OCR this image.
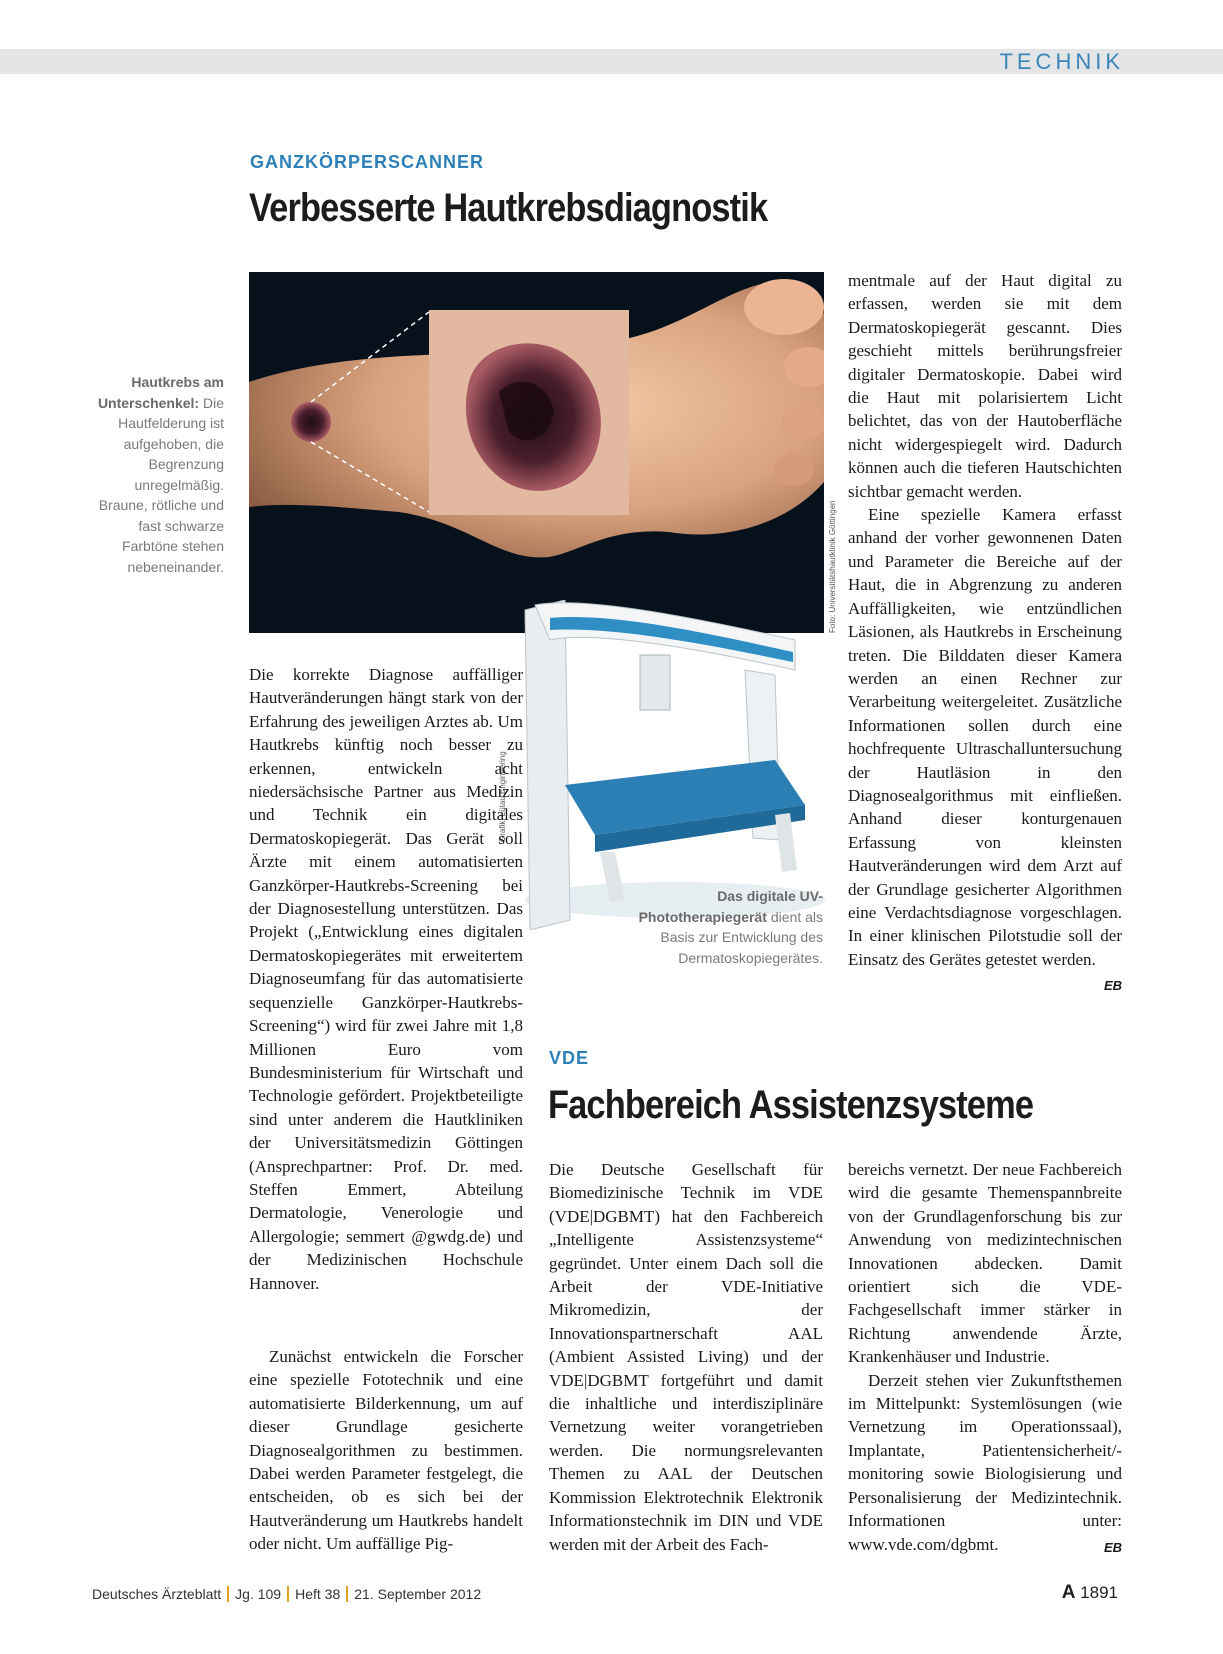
TECHNIK
GANZKÖRPERSCANNER
Verbesserte Hautkrebsdiagnostik
Hautkrebs am Unterschenkel: Die Hautfelderung ist aufgehoben, die Begrenzung unregelmäßig. Braune, rötliche und fast schwarze Farbtöne stehen nebeneinander.	Foto: Universitätshautklinik Göttingen
Grafik: Lütau Engineering
Das digitale UV-Phototherapiegerät dient als Basis zur Entwicklung des Dermatoskopiegerätes.

Die korrekte Diagnose auffälliger Hautveränderungen hängt stark von der Erfahrung des jeweiligen Arztes ab. Um Hautkrebs künftig noch besser zu erkennen, entwickeln acht niedersächsische Partner aus Medizin und Technik ein digitales Dermatoskopiegerät. Das Gerät soll Ärzte mit einem automatisierten Ganzkörper-Hautkrebs-Screening bei der Diagnosestellung unterstützen. Das Projekt („Entwicklung eines digitalen Dermatoskopiegerätes mit erweitertem Diagnoseumfang für das automatisierte sequenzielle Ganzkörper-Hautkrebs-Screening“) wird für zwei Jahre mit 1,8 Millionen Euro vom Bundesministerium für Wirtschaft und Technologie gefördert. Projektbeteiligte sind unter anderem die Hautkliniken der Universitätsmedizin Göttingen (Ansprechpartner: Prof. Dr. med. Steffen Emmert, Abteilung Dermatologie, Venerologie und Allergologie; semmert @gwdg.de) und der Medizinischen Hochschule Hannover.

Zunächst entwickeln die Forscher eine spezielle Fototechnik und eine automatisierte Bilderkennung, um auf dieser Grundlage gesicherte Diagnosealgorithmen zu bestimmen. Dabei werden Parameter festgelegt, die entscheiden, ob es sich bei der Hautveränderung um Hautkrebs handelt oder nicht. Um auffällige Pig-

mentmale auf der Haut digital zu erfassen, werden sie mit dem Dermatoskopiegerät gescannt. Dies geschieht mittels berührungsfreier digitaler Dermatoskopie. Dabei wird die Haut mit polarisiertem Licht belichtet, das von der Hautoberfläche nicht widergespiegelt wird. Dadurch können auch die tieferen Hautschichten sichtbar gemacht werden.

Eine spezielle Kamera erfasst anhand der vorher gewonnenen Daten und Parameter die Bereiche auf der Haut, die in Abgrenzung zu anderen Auffälligkeiten, wie entzündlichen Läsionen, als Hautkrebs in Erscheinung treten. Die Bilddaten dieser Kamera werden an einen Rechner zur Verarbeitung weitergeleitet. Zusätzliche Informationen sollen durch eine hochfrequente Ultraschalluntersuchung der Hautläsion in den Diagnosealgorithmus mit einfließen. Anhand dieser konturgenauen Erfassung von kleinsten Hautveränderungen wird dem Arzt auf der Grundlage gesicherter Algorithmen eine Verdachtsdiagnose vorgeschlagen. In einer klinischen Pilotstudie soll der Einsatz des Gerätes getestet werden.
EB

VDE
Fachbereich Assistenzsysteme

Die Deutsche Gesellschaft für Biomedizinische Technik im VDE (VDE|DGBMT) hat den Fachbereich „Intelligente Assistenzsysteme“ gegründet. Unter einem Dach soll die Arbeit der VDE-Initiative Mikromedizin, der Innovationspartnerschaft AAL (Ambient Assisted Living) und der VDE|DGBMT fortgeführt und damit die inhaltliche und interdisziplinäre Vernetzung weiter vorangetrieben werden. Die normungsrelevanten Themen zu AAL der Deutschen Kommission Elektrotechnik Elektronik Informationstechnik im DIN und VDE werden mit der Arbeit des Fach-

bereichs vernetzt. Der neue Fachbereich wird die gesamte Themenspannbreite von der Grundlagenforschung bis zur Anwendung von medizintechnischen Innovationen abdecken. Damit orientiert sich die VDE-Fachgesellschaft immer stärker in Richtung anwendende Ärzte, Krankenhäuser und Industrie.

Derzeit stehen vier Zukunftsthemen im Mittelpunkt: Systemlösungen (wie Vernetzung im Operationssaal), Implantate, Patientensicherheit/-monitoring sowie Biologisierung und Personalisierung der Medizintechnik. Informationen unter: www.vde.com/dgbmt.	EB

Deutsches Ärzteblatt Jg. 109 Heft 38 21. September 2012	A 1891
